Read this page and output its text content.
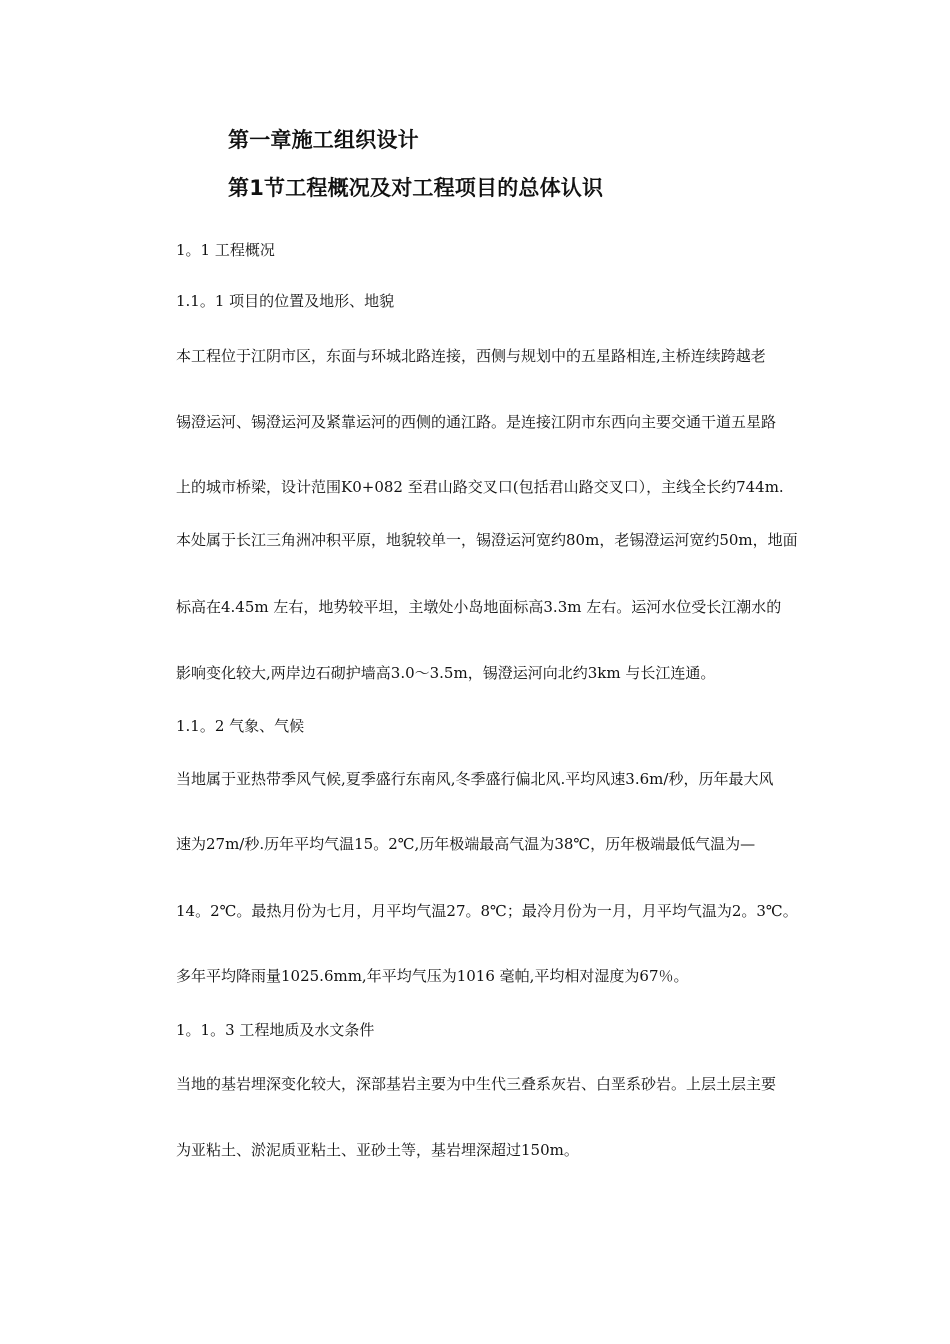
第一章施工组织设计
第1节工程概况及对工程项目的总体认识

1。1 工程概况

1.1。1 项目的位置及地形、地貌

本工程位于江阴市区，东面与环城北路连接，西侧与规划中的五星路相连,主桥连续跨越老

锡澄运河、锡澄运河及紧靠运河的西侧的通江路。是连接江阴市东西向主要交通干道五星路

上的城市桥梁，设计范围K0+082 至君山路交叉口(包括君山路交叉口），主线全长约744m.

本处属于长江三角洲冲积平原，地貌较单一，锡澄运河宽约80m，老锡澄运河宽约50m，地面

标高在4.45m 左右，地势较平坦，主墩处小岛地面标高3.3m 左右。运河水位受长江潮水的

影响变化较大,两岸边石砌护墙高3.0～3.5m，锡澄运河向北约3km 与长江连通。

1.1。2 气象、气候

当地属于亚热带季风气候,夏季盛行东南风,冬季盛行偏北风.平均风速3.6m/秒，历年最大风

速为27m/秒.历年平均气温15。2℃,历年极端最高气温为38℃，历年极端最低气温为—

14。2℃。最热月份为七月，月平均气温27。8℃；最冷月份为一月，月平均气温为2。3℃。

多年平均降雨量1025.6mm,年平均气压为1016 毫帕,平均相对湿度为67％。

1。1。3 工程地质及水文条件

当地的基岩埋深变化较大，深部基岩主要为中生代三叠系灰岩、白垩系砂岩。上层土层主要

为亚粘土、淤泥质亚粘土、亚砂土等，基岩埋深超过150m。
